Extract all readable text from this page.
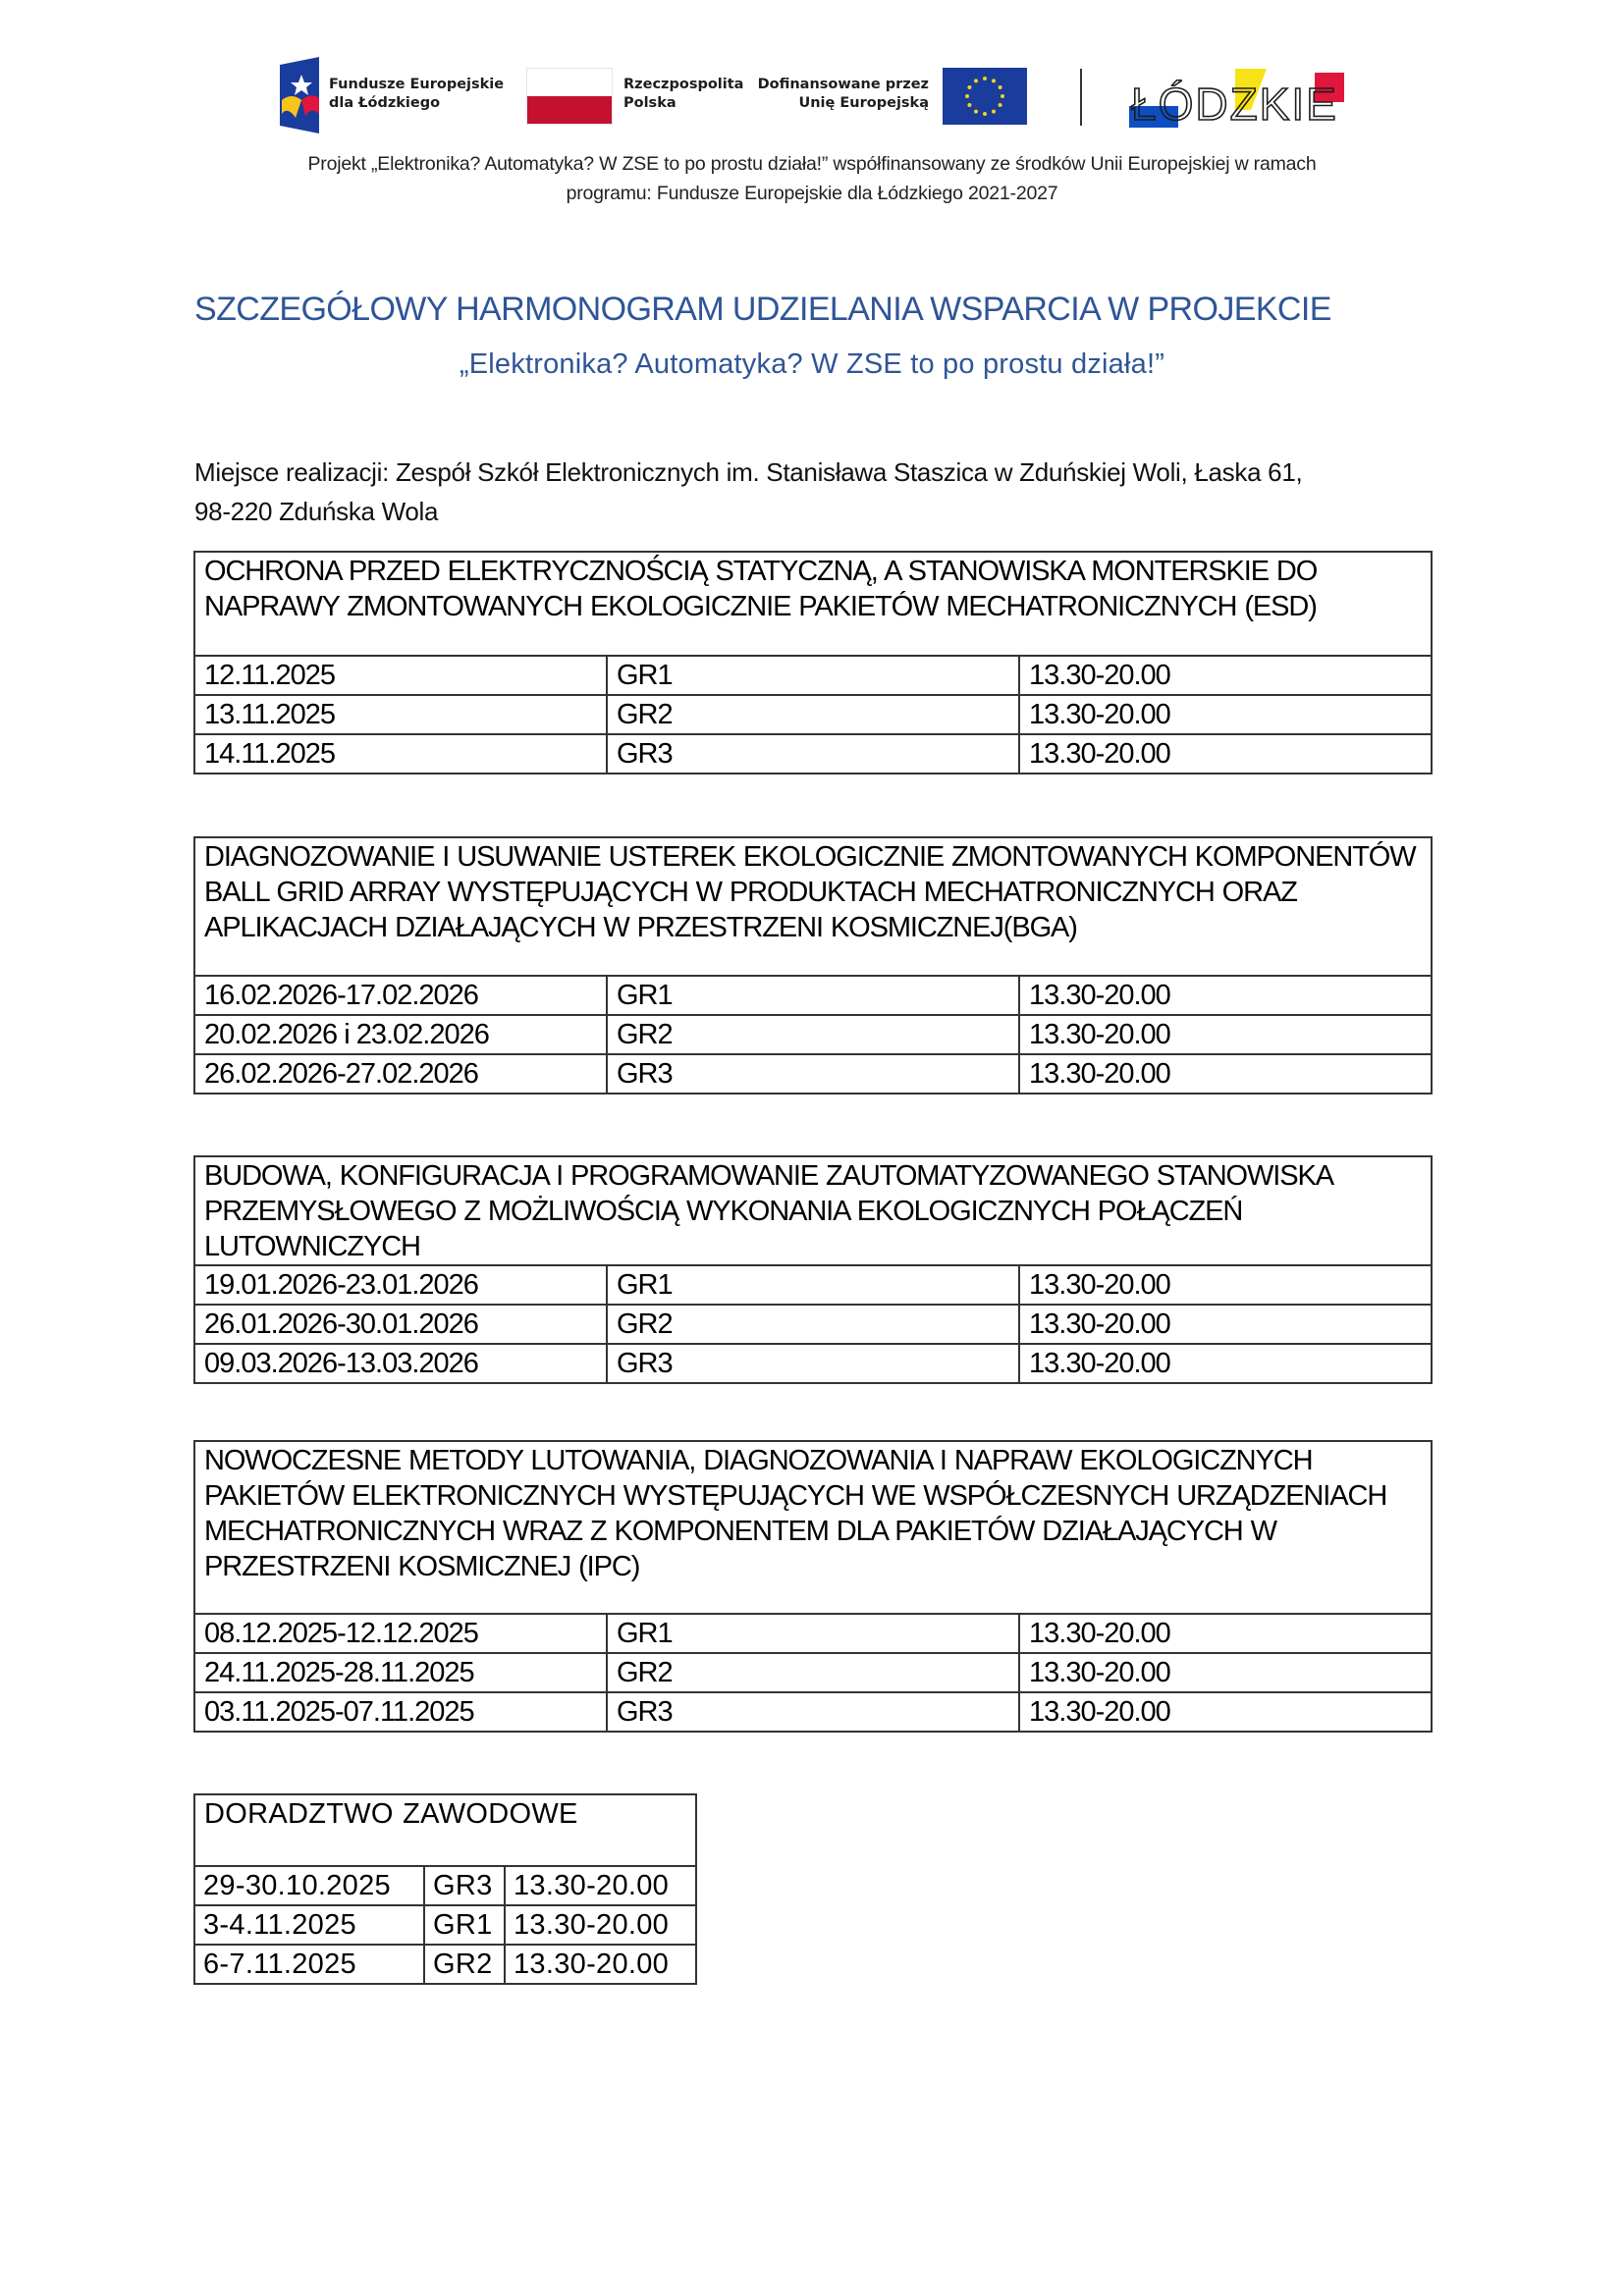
Fundusze Europejskie
dla Łódzkiego
Rzeczpospolita
Polska
Dofinansowane przez
Unię Europejską	ŁÓDZKIE
Projekt „Elektronika? Automatyka? W ZSE to po prostu działa!” współfinansowany ze środków Unii Europejskiej w ramach
programu: Fundusze Europejskie dla Łódzkiego 2021-2027
SZCZEGÓŁOWY HARMONOGRAM UDZIELANIA WSPARCIA W PROJEKCIE
„Elektronika? Automatyka? W ZSE to po prostu działa!”
Miejsce realizacji: Zespół Szkół Elektronicznych im. Stanisława Staszica w Zduńskiej Woli, Łaska 61,
98-220 Zduńska Wola
OCHRONA PRZED ELEKTRYCZNOŚCIĄ STATYCZNĄ, A STANOWISKA MONTERSKIE DO NAPRAWY ZMONTOWANYCH EKOLOGICZNIE PAKIETÓW MECHATRONICZNYCH (ESD)		
12.11.2025	GR1	13.30-20.00
13.11.2025	GR2	13.30-20.00
14.11.2025	GR3	13.30-20.00
DIAGNOZOWANIE I USUWANIE USTEREK EKOLOGICZNIE ZMONTOWANYCH KOMPONENTÓW BALL GRID ARRAY WYSTĘPUJĄCYCH W PRODUKTACH MECHATRONICZNYCH ORAZ APLIKACJACH DZIAŁAJĄCYCH W PRZESTRZENI KOSMICZNEJ(BGA)		
16.02.2026-17.02.2026	GR1	13.30-20.00
20.02.2026 i 23.02.2026	GR2	13.30-20.00
26.02.2026-27.02.2026	GR3	13.30-20.00
BUDOWA, KONFIGURACJA I PROGRAMOWANIE ZAUTOMATYZOWANEGO STANOWISKA PRZEMYSŁOWEGO Z MOŻLIWOŚCIĄ WYKONANIA EKOLOGICZNYCH POŁĄCZEŃ LUTOWNICZYCH		
19.01.2026-23.01.2026	GR1	13.30-20.00
26.01.2026-30.01.2026	GR2	13.30-20.00
09.03.2026-13.03.2026	GR3	13.30-20.00
NOWOCZESNE METODY LUTOWANIA, DIAGNOZOWANIA I NAPRAW EKOLOGICZNYCH PAKIETÓW ELEKTRONICZNYCH WYSTĘPUJĄCYCH WE WSPÓŁCZESNYCH URZĄDZENIACH MECHATRONICZNYCH WRAZ Z KOMPONENTEM DLA PAKIETÓW DZIAŁAJĄCYCH W PRZESTRZENI KOSMICZNEJ (IPC)		
08.12.2025-12.12.2025	GR1	13.30-20.00
24.11.2025-28.11.2025	GR2	13.30-20.00
03.11.2025-07.11.2025	GR3	13.30-20.00
DORADZTWO ZAWODOWE		
29-30.10.2025	GR3	13.30-20.00
3-4.11.2025	GR1	13.30-20.00
6-7.11.2025	GR2	13.30-20.00
